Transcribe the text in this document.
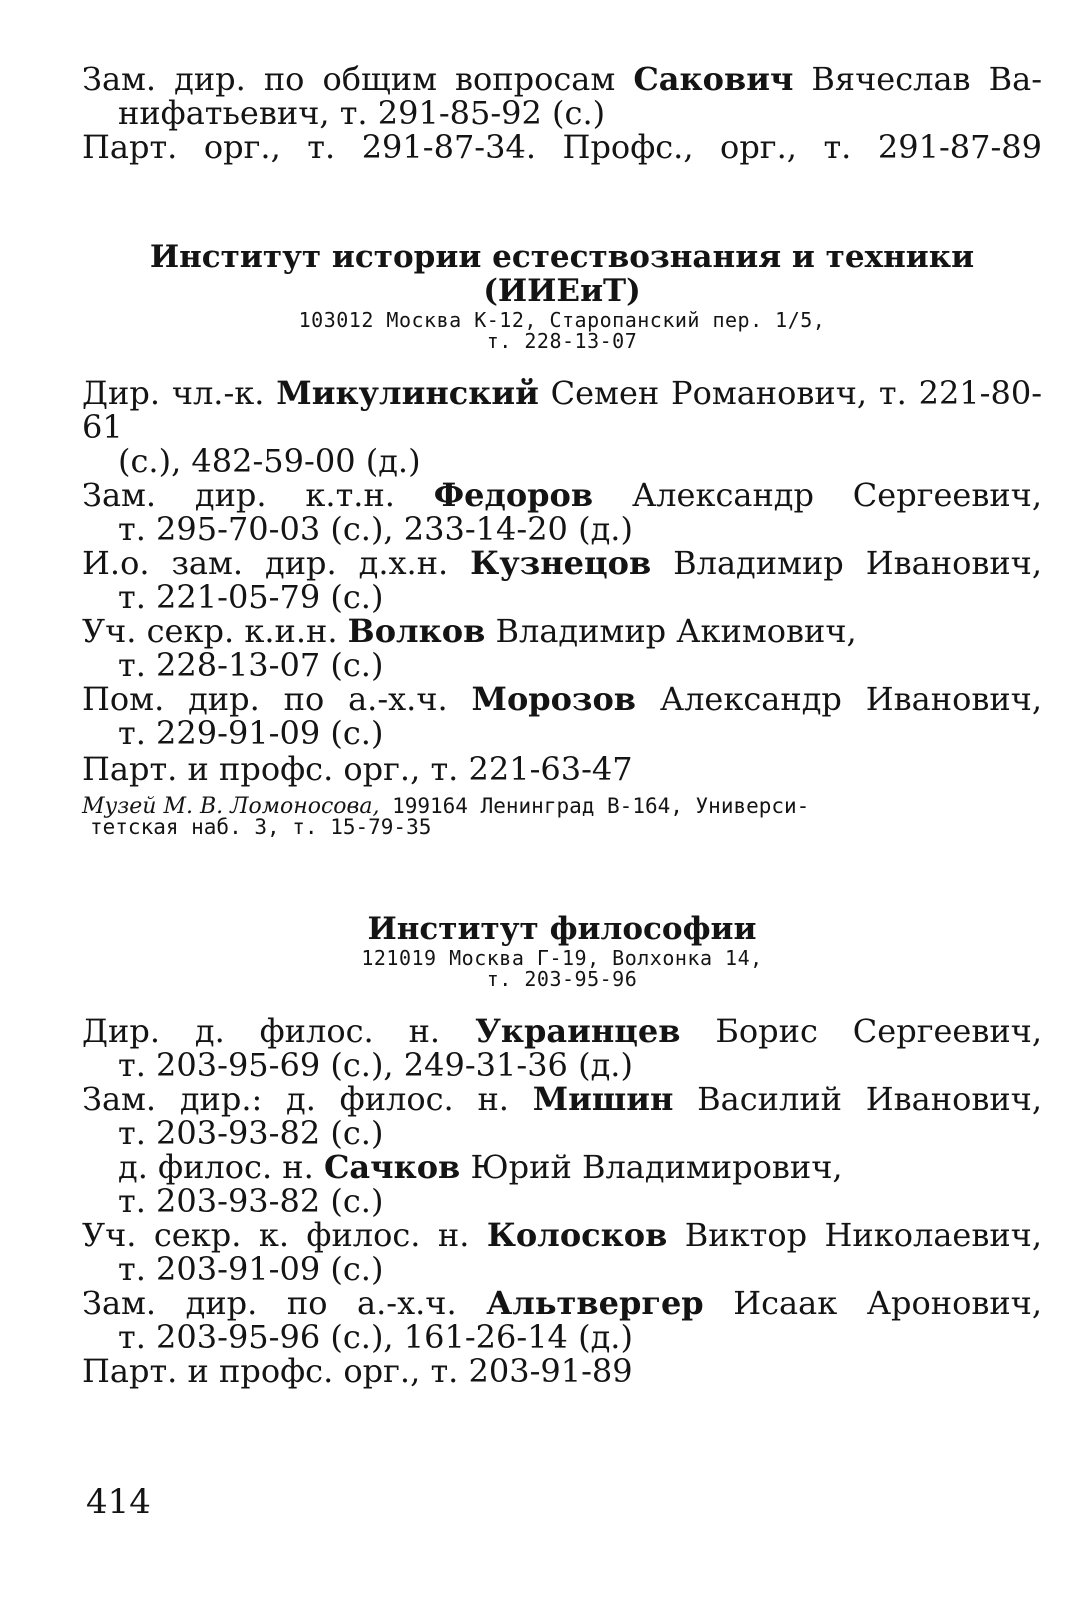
Зам. дир. по общим вопросам Сакович Вячеслав Ва-
нифатьевич, т. 291-85-92 (с.)

Парт. орг., т. 291-87-34. Профс., орг., т. 291-87-89

Институт истории естествознания и техники

(ИИЕиТ)

103012 Москва К-12, Старопанский пер. 1/5,

т. 228-13-07

Дир. чл.-к. Микулинский Семен Романович, т. 221-80-61
(с.), 482-59-00 (д.)

Зам. дир. к.т.н. Федоров Александр Сергеевич,
т. 295-70-03 (с.), 233-14-20 (д.)

И.о. зам. дир. д.х.н. Кузнецов Владимир Иванович,
т. 221-05-79 (с.)

Уч. секр. к.и.н. Волков Владимир Акимович,
т. 228-13-07 (с.)

Пом. дир. по а.-х.ч. Морозов Александр Иванович,
т. 229-91-09 (с.)

Парт. и профс. орг., т. 221-63-47

Музей М. В. Ломоносова, 199164 Ленинград В-164, Универси-

тетская наб. 3, т. 15-79-35

Институт философии

121019 Москва Г-19, Волхонка 14,

т. 203-95-96

Дир. д. филос. н. Украинцев Борис Сергеевич,
т. 203-95-69 (с.), 249-31-36 (д.)

Зам. дир.: д. филос. н. Мишин Василий Иванович,
т. 203-93-82 (с.)

д. филос. н. Сачков Юрий Владимирович,
т. 203-93-82 (с.)

Уч. секр. к. филос. н. Колосков Виктор Николаевич,
т. 203-91-09 (с.)

Зам. дир. по а.-х.ч. Альтвергер Исаак Аронович,
т. 203-95-96 (с.), 161-26-14 (д.)

Парт. и профс. орг., т. 203-91-89

414
